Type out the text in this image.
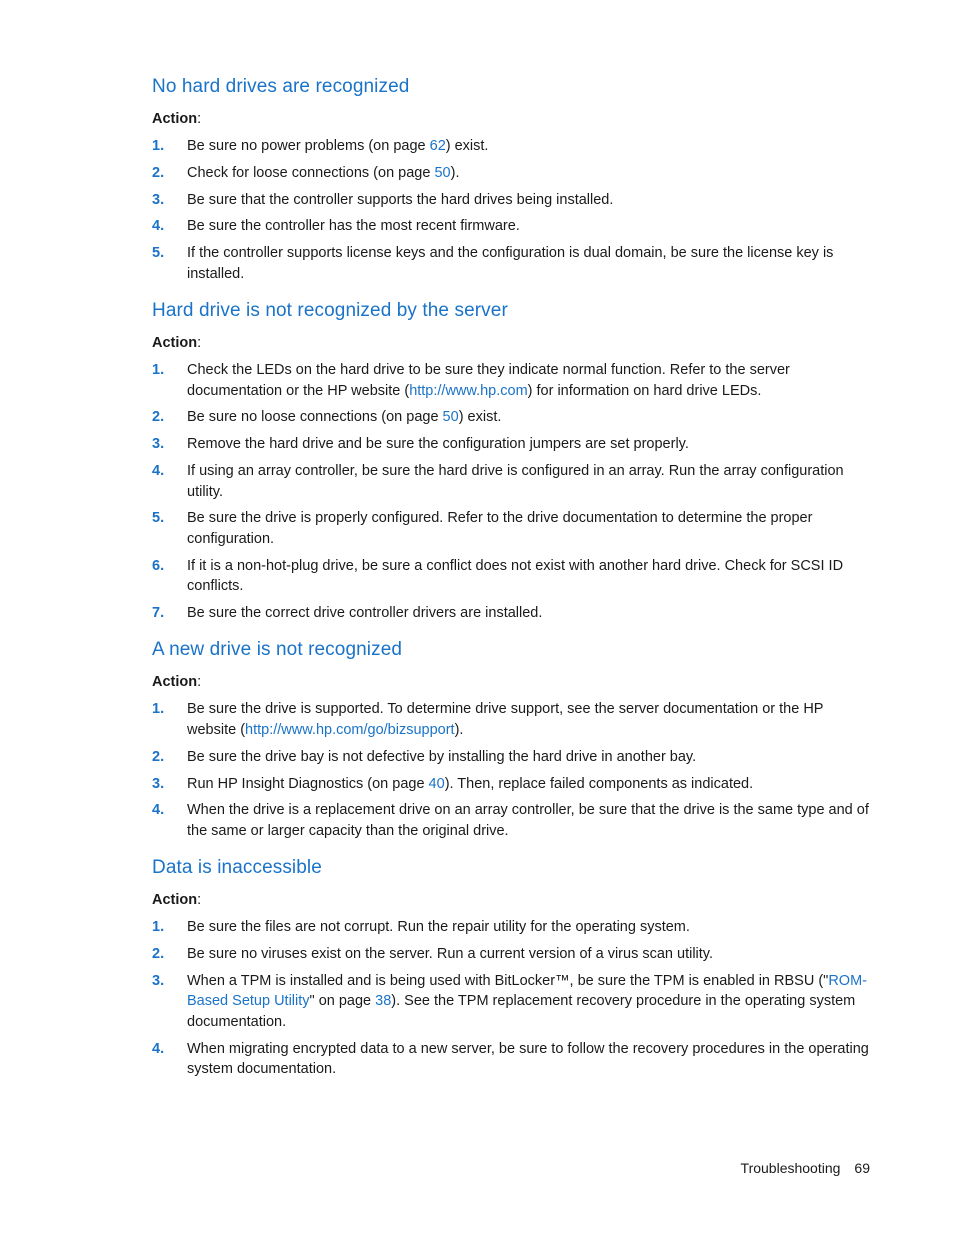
No hard drives are recognized
Action:
1. Be sure no power problems (on page 62) exist.
2. Check for loose connections (on page 50).
3. Be sure that the controller supports the hard drives being installed.
4. Be sure the controller has the most recent firmware.
5. If the controller supports license keys and the configuration is dual domain, be sure the license key is installed.
Hard drive is not recognized by the server
Action:
1. Check the LEDs on the hard drive to be sure they indicate normal function. Refer to the server documentation or the HP website (http://www.hp.com) for information on hard drive LEDs.
2. Be sure no loose connections (on page 50) exist.
3. Remove the hard drive and be sure the configuration jumpers are set properly.
4. If using an array controller, be sure the hard drive is configured in an array. Run the array configuration utility.
5. Be sure the drive is properly configured. Refer to the drive documentation to determine the proper configuration.
6. If it is a non-hot-plug drive, be sure a conflict does not exist with another hard drive. Check for SCSI ID conflicts.
7. Be sure the correct drive controller drivers are installed.
A new drive is not recognized
Action:
1. Be sure the drive is supported. To determine drive support, see the server documentation or the HP website (http://www.hp.com/go/bizsupport).
2. Be sure the drive bay is not defective by installing the hard drive in another bay.
3. Run HP Insight Diagnostics (on page 40). Then, replace failed components as indicated.
4. When the drive is a replacement drive on an array controller, be sure that the drive is the same type and of the same or larger capacity than the original drive.
Data is inaccessible
Action:
1. Be sure the files are not corrupt. Run the repair utility for the operating system.
2. Be sure no viruses exist on the server. Run a current version of a virus scan utility.
3. When a TPM is installed and is being used with BitLocker™, be sure the TPM is enabled in RBSU ("ROM-Based Setup Utility" on page 38). See the TPM replacement recovery procedure in the operating system documentation.
4. When migrating encrypted data to a new server, be sure to follow the recovery procedures in the operating system documentation.
Troubleshooting 69
